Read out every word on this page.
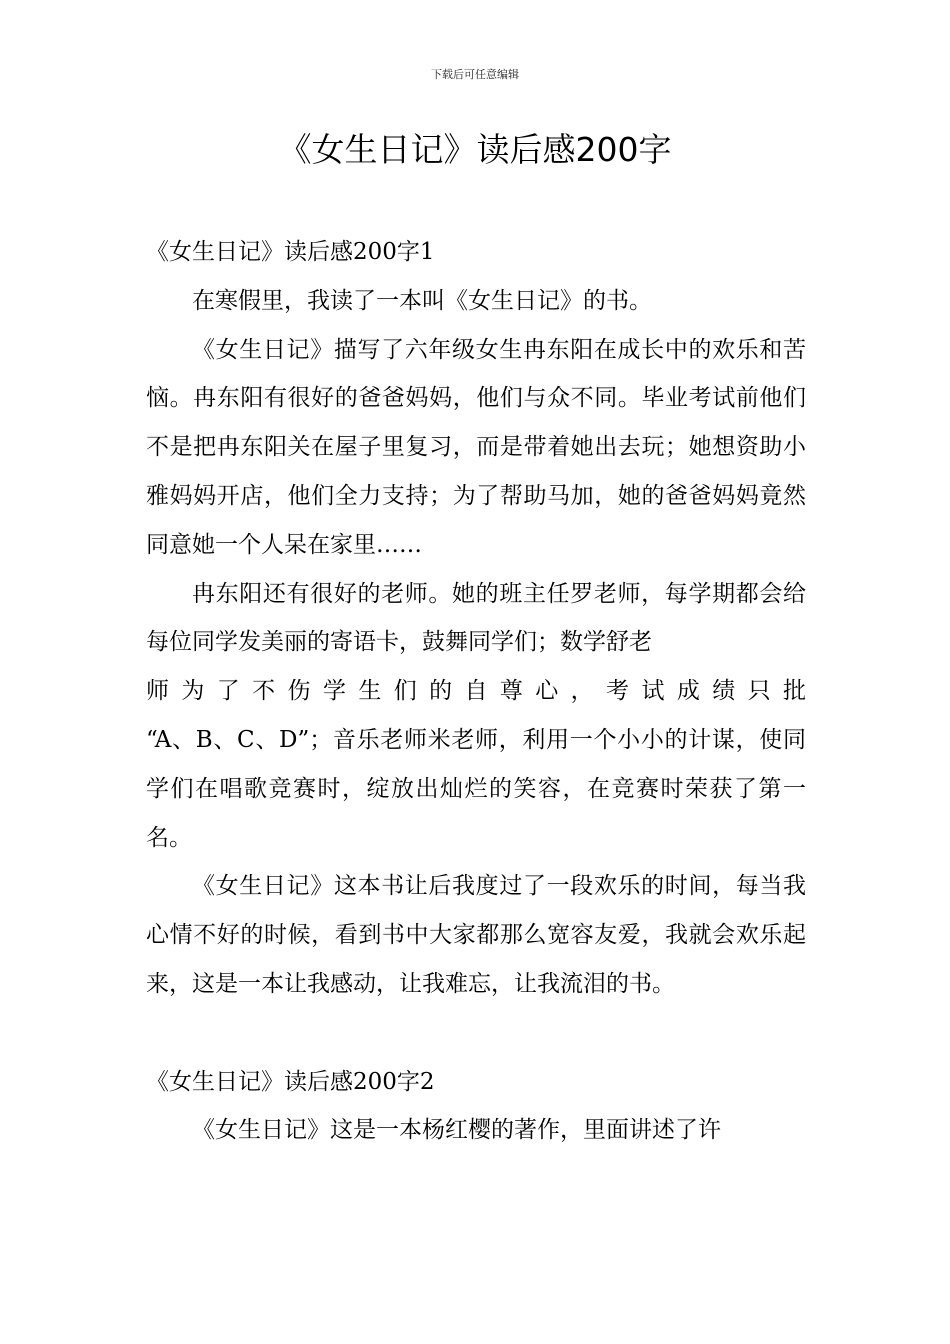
下载后可任意编辑
《女生日记》读后感200字

《女生日记》读后感200字1

在寒假里，我读了一本叫《女生日记》的书。

《女生日记》描写了六年级女生冉东阳在成长中的欢乐和苦恼。冉东阳有很好的爸爸妈妈，他们与众不同。毕业考试前他们不是把冉东阳关在屋子里复习，而是带着她出去玩；她想资助小雅妈妈开店，他们全力支持；为了帮助马加，她的爸爸妈妈竟然同意她一个人呆在家里……

冉东阳还有很好的老师。她的班主任罗老师，每学期都会给每位同学发美丽的寄语卡，鼓舞同学们；数学舒老

师为了不伤学生们的自尊心，考试成绩只批

“A、B、C、D”；音乐老师米老师，利用一个小小的计谋，使同学们在唱歌竞赛时，绽放出灿烂的笑容，在竞赛时荣获了第一名。

《女生日记》这本书让后我度过了一段欢乐的时间，每当我心情不好的时候，看到书中大家都那么宽容友爱，我就会欢乐起来，这是一本让我感动，让我难忘，让我流泪的书。

《女生日记》读后感200字2

《女生日记》这是一本杨红樱的著作，里面讲述了许
